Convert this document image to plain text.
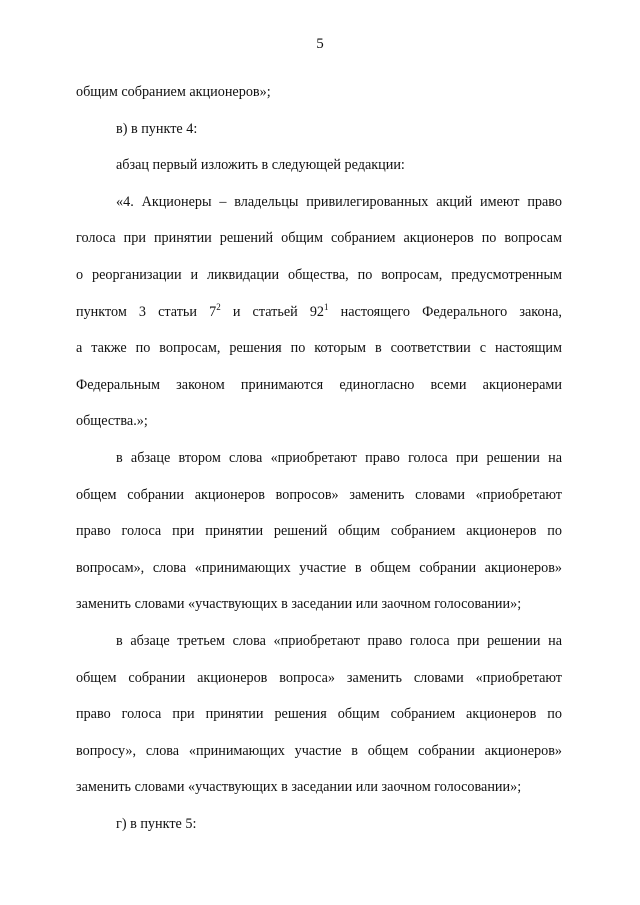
5

общим собранием акционеров»;

в) в пункте 4:

абзац первый изложить в следующей редакции:

«4. Акционеры – владельцы привилегированных акций имеют право
голоса при принятии решений общим собранием акционеров по вопросам
о реорганизации и ликвидации общества, по вопросам, предусмотренным
пунктом 3 статьи $7^2$ и статьей $92^1$ настоящего Федерального закона,
а также по вопросам, решения по которым в соответствии с настоящим
Федеральным законом принимаются единогласно всеми акционерами
общества.»;

в абзаце втором слова «приобретают право голоса при решении на
общем собрании акционеров вопросов» заменить словами «приобретают
право голоса при принятии решений общим собранием акционеров по
вопросам», слова «принимающих участие в общем собрании акционеров»
заменить словами «участвующих в заседании или заочном голосовании»;

в абзаце третьем слова «приобретают право голоса при решении на
общем собрании акционеров вопроса» заменить словами «приобретают
право голоса при принятии решения общим собранием акционеров по
вопросу», слова «принимающих участие в общем собрании акционеров»
заменить словами «участвующих в заседании или заочном голосовании»;

г) в пункте 5:
